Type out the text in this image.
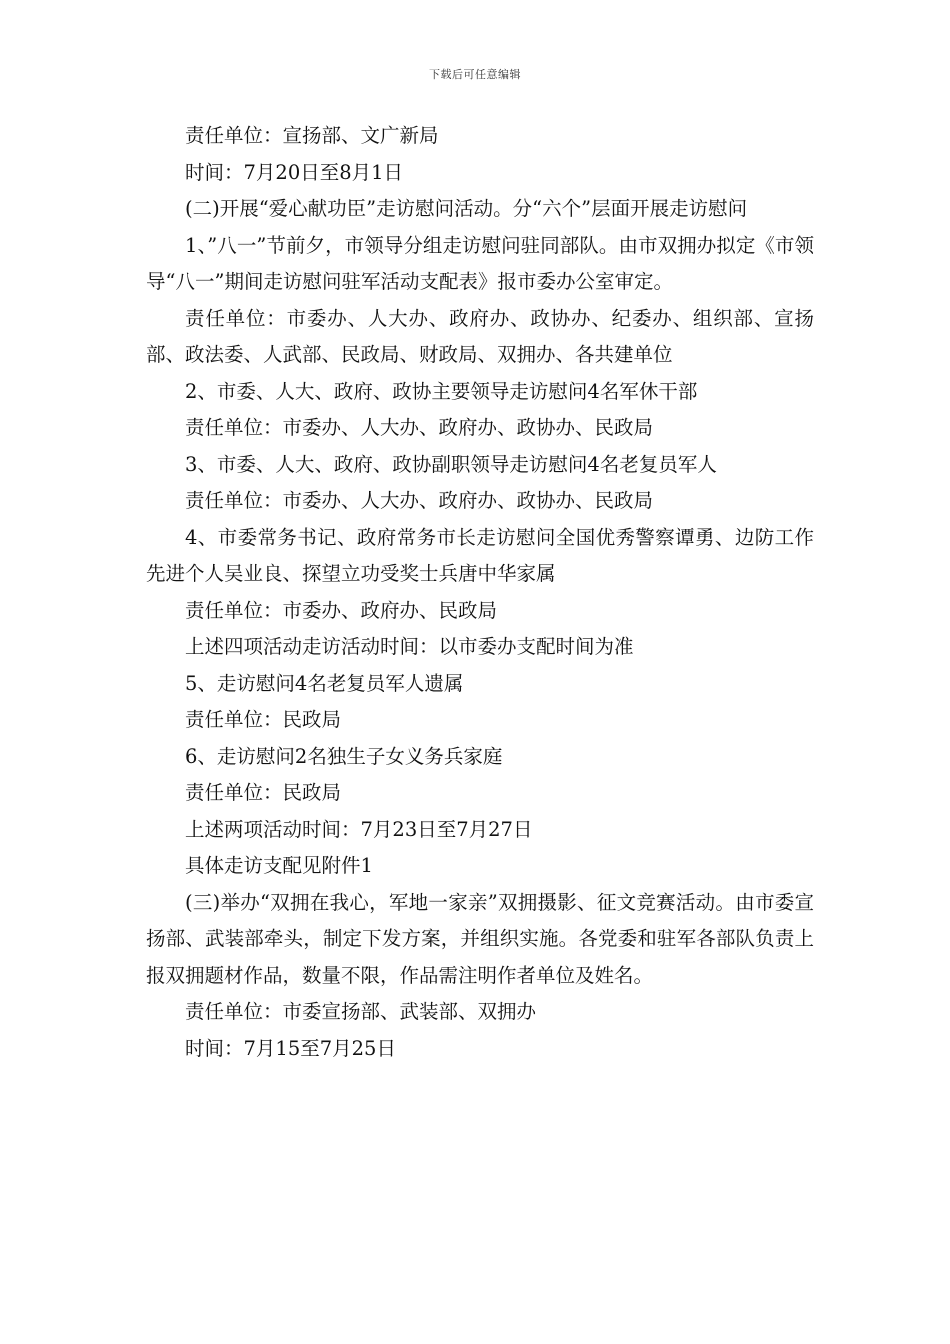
下载后可任意编辑

责任单位：宣扬部、文广新局

时间：7月20日至8月1日

(二)开展“爱心献功臣”走访慰问活动。分“六个”层面开展走访慰问

1、”八一”节前夕，市领导分组走访慰问驻同部队。由市双拥办拟定《市领导“八一”期间走访慰问驻军活动支配表》报市委办公室审定。

责任单位：市委办、人大办、政府办、政协办、纪委办、组织部、宣扬部、政法委、人武部、民政局、财政局、双拥办、各共建单位

2、市委、人大、政府、政协主要领导走访慰问4名军休干部

责任单位：市委办、人大办、政府办、政协办、民政局

3、市委、人大、政府、政协副职领导走访慰问4名老复员军人

责任单位：市委办、人大办、政府办、政协办、民政局

4、市委常务书记、政府常务市长走访慰问全国优秀警察谭勇、边防工作先进个人吴业良、探望立功受奖士兵唐中华家属

责任单位：市委办、政府办、民政局

上述四项活动走访活动时间：以市委办支配时间为准

5、走访慰问4名老复员军人遗属

责任单位：民政局

6、走访慰问2名独生子女义务兵家庭

责任单位：民政局

上述两项活动时间：7月23日至7月27日

具体走访支配见附件1

(三)举办“双拥在我心，军地一家亲”双拥摄影、征文竞赛活动。由市委宣扬部、武装部牵头，制定下发方案，并组织实施。各党委和驻军各部队负责上报双拥题材作品，数量不限，作品需注明作者单位及姓名。

责任单位：市委宣扬部、武装部、双拥办

时间：7月15至7月25日
